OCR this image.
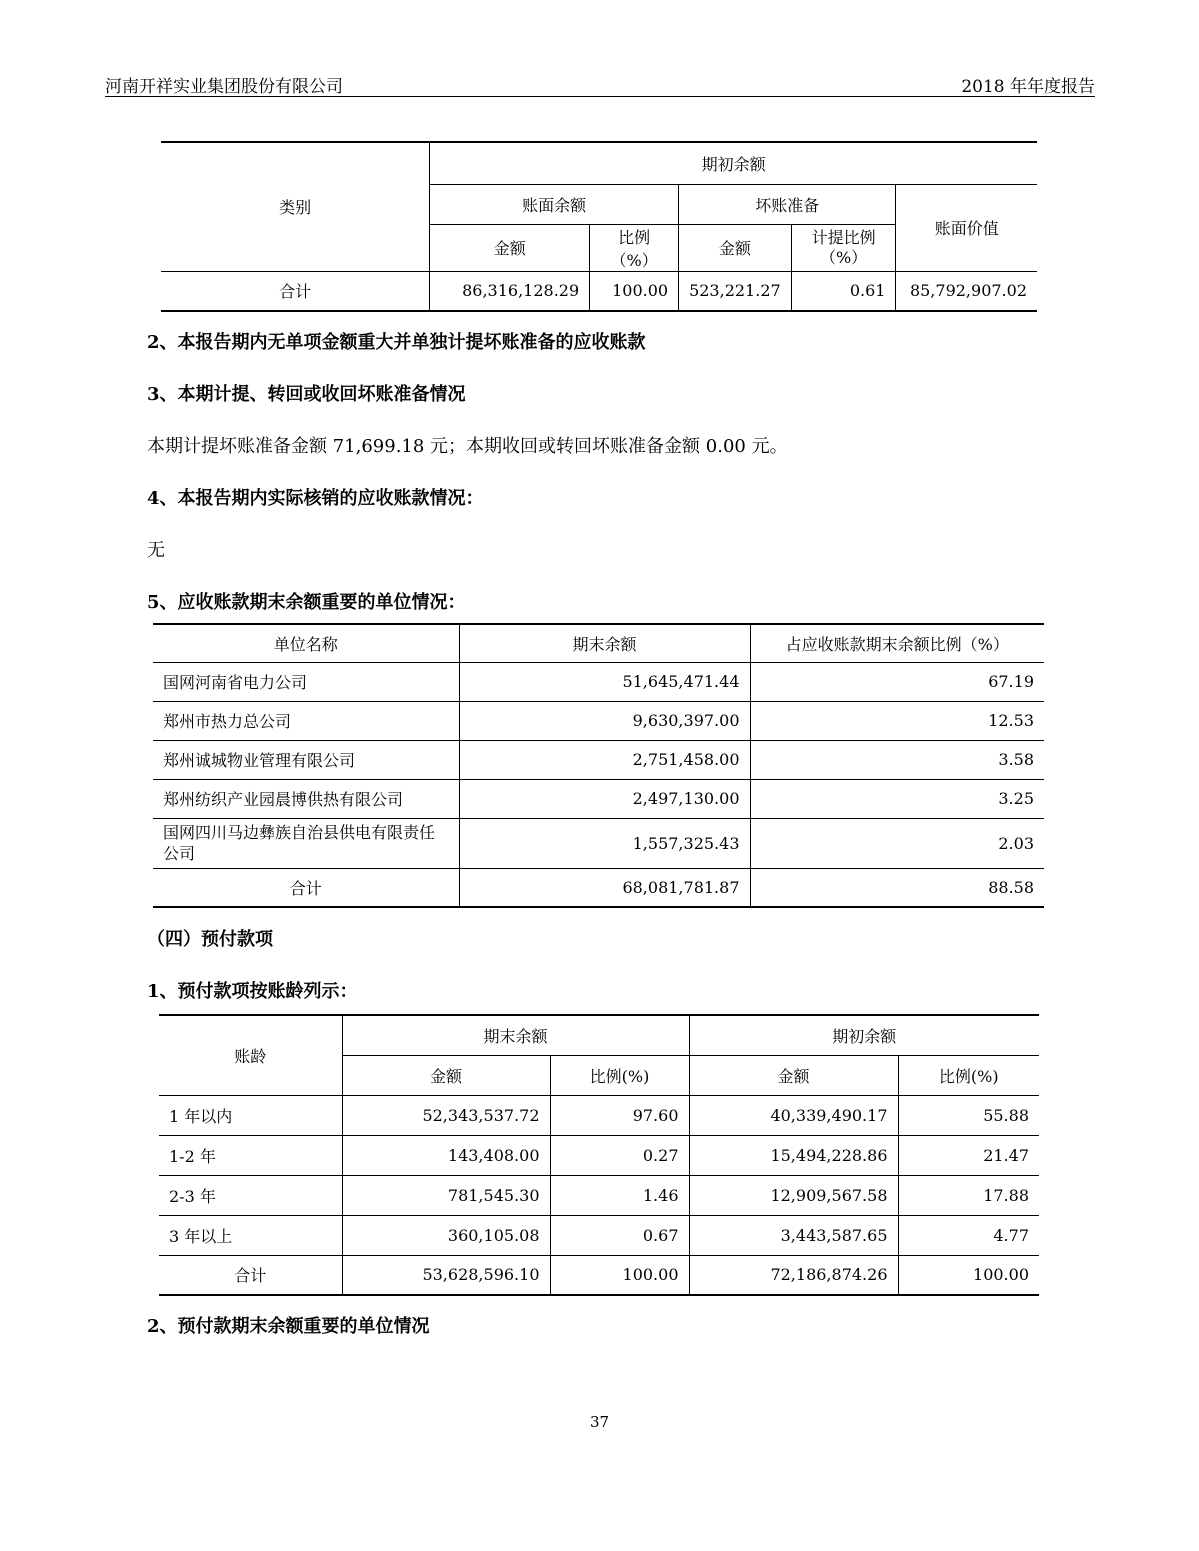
河南开祥实业集团股份有限公司	2018 年年度报告
类别	期初余额				
	账面余额		坏账准备		账面价值
	金额	比例（%）	金额	计提比例（%）	
合计	86,316,128.29	100.00	523,221.27	0.61	85,792,907.02
2、本报告期内无单项金额重大并单独计提坏账准备的应收账款
3、本期计提、转回或收回坏账准备情况
本期计提坏账准备金额 71,699.18 元；本期收回或转回坏账准备金额 0.00 元。
4、本报告期内实际核销的应收账款情况：
无
5、应收账款期末余额重要的单位情况：
单位名称	期末余额	占应收账款期末余额比例（%）
国网河南省电力公司	51,645,471.44	67.19
郑州市热力总公司	9,630,397.00	12.53
郑州诚城物业管理有限公司	2,751,458.00	3.58
郑州纺织产业园晨博供热有限公司	2,497,130.00	3.25
国网四川马边彝族自治县供电有限责任公司	1,557,325.43	2.03
合计	68,081,781.87	88.58
（四）预付款项
1、预付款项按账龄列示：
账龄	期末余额		期初余额	
	金额	比例(%)	金额	比例(%)
1 年以内	52,343,537.72	97.60	40,339,490.17	55.88
1-2 年	143,408.00	0.27	15,494,228.86	21.47
2-3 年	781,545.30	1.46	12,909,567.58	17.88
3 年以上	360,105.08	0.67	3,443,587.65	4.77
合计	53,628,596.10	100.00	72,186,874.26	100.00
2、预付款期末余额重要的单位情况
37
